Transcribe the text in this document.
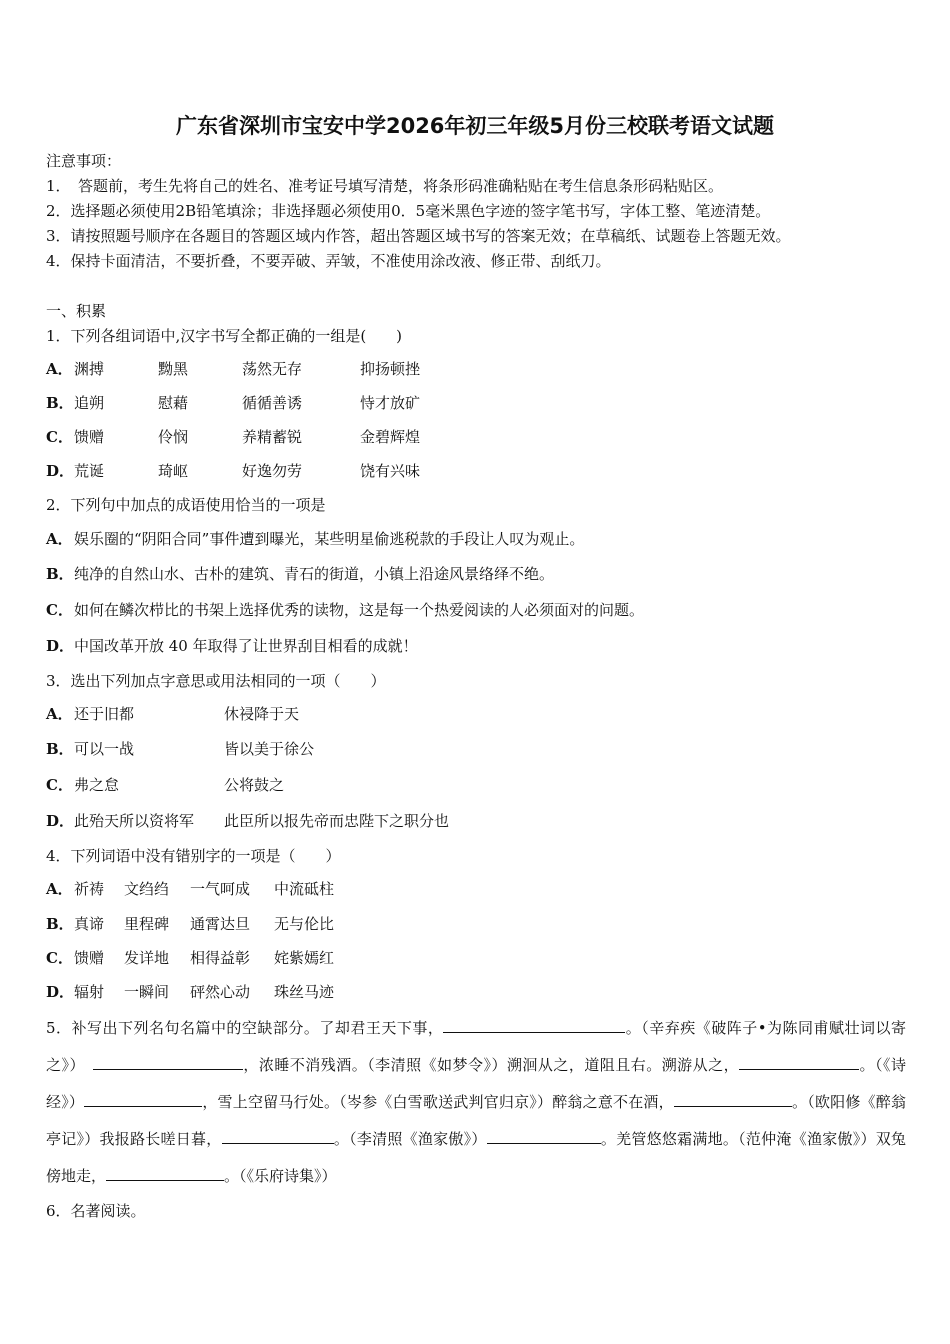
广东省深圳市宝安中学2026年初三年级5月份三校联考语文试题
注意事项：
1．　答题前，考生先将自己的姓名、准考证号填写清楚，将条形码准确粘贴在考生信息条形码粘贴区。
2．选择题必须使用2B铅笔填涂；非选择题必须使用0．5毫米黑色字迹的签字笔书写，字体工整、笔迹清楚。
3．请按照题号顺序在各题目的答题区域内作答，超出答题区域书写的答案无效；在草稿纸、试题卷上答题无效。
4．保持卡面清洁，不要折叠，不要弄破、弄皱，不准使用涂改液、修正带、刮纸刀。
一、积累
1．下列各组词语中,汉字书写全都正确的一组是(　　)
A．渊搏	黝黑	荡然无存	抑扬顿挫
B．追朔	慰藉	循循善诱	恃才放矿
C．馈赠	伶悯	养精蓄锐	金碧辉煌
D．荒诞	琦岖	好逸勿劳	饶有兴味
2．下列句中加点的成语使用恰当的一项是
A．娱乐圈的“阴阳合同”事件遭到曝光，某些明星偷逃税款的手段让人叹为观止。
B．纯净的自然山水、古朴的建筑、青石的街道，小镇上沿途风景络绎不绝。
C．如何在鳞次栉比的书架上选择优秀的读物，这是每一个热爱阅读的人必须面对的问题。
D．中国改革开放 40 年取得了让世界刮目相看的成就！
3．选出下列加点字意思或用法相同的一项（　　）
A．还于旧都	休祲降于天
B．可以一战	皆以美于徐公
C．弗之怠	公将鼓之
D．此殆天所以资将军 此臣所以报先帝而忠陛下之职分也
4．下列词语中没有错别字的一项是（　　）
A．祈祷 文绉绉 一气呵成 中流砥柱
B．真谛 里程碑 通霄达旦 无与伦比
C．馈赠 发详地 相得益彰 姹紫嫣红
D．辐射 一瞬间 砰然心动 珠丝马迹
5．补写出下列名句名篇中的空缺部分。了却君王天下事，	。（辛弃疾《破阵子•为陈同甫赋壮词以寄之》）　	，浓睡不消残酒。（李清照《如梦令》）溯洄从之，道阻且右。溯游从之，	。（《诗经》）	，雪上空留马行处。（岑参《白雪歌送武判官归京》）醉翁之意不在酒，	。（欧阳修《醉翁亭记》）我报路长嗟日暮，	。（李清照《渔家傲》）	。羌管悠悠霜满地。（范仲淹《渔家傲》）双兔傍地走，	。（《乐府诗集》）
6．名著阅读。
